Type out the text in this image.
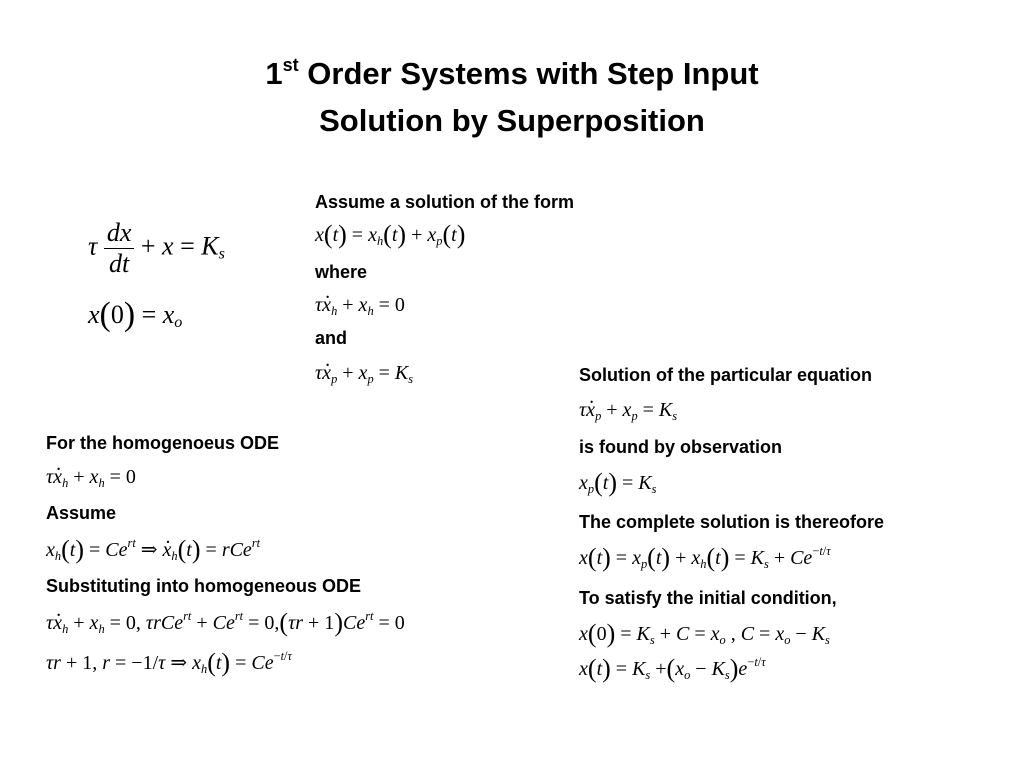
1st Order Systems with Step Input
Solution by Superposition
τ $\frac{dx}{dt} + x = K_s$
$x(0) = x_o$
Assume a solution of the form
$x(t) = x_h(t) + x_p(t)$
where
τ. $x_h + x_h = 0$
and
τ. $x_p + x_p = K_s$	Solution of the particular equation
τ. $x_p + x_p = K_s$
is found by observation
$x_p(t) = K_s$
The complete solution is thereofore
$x(t) = x_p(t) + x_h(t) = K_s + Ce^{-t/\tau}$
To satisfy the initial condition,
$x(0) = K_s + C = x_o$ , $C = x_o - K_s$
$x(t) = K_s +(x_o - K_s)e^{-t/\tau}$
For the homogenoeus ODE
τ. $x_h + x_h = 0$
Assume
$x_h(t) = Ce^{rt}$ ⇒ . $x_h(t) = rCe^{rt}$
Substituting into homogeneous ODE
τ. $x_h + x_h = 0$, $\tau rCe^{rt} + Ce^{rt} = 0,(\tau r + 1)Ce^{rt} = 0$
τr + 1, r = −1/τ ⇒ $x_h(t) = Ce^{-t/\tau}$
